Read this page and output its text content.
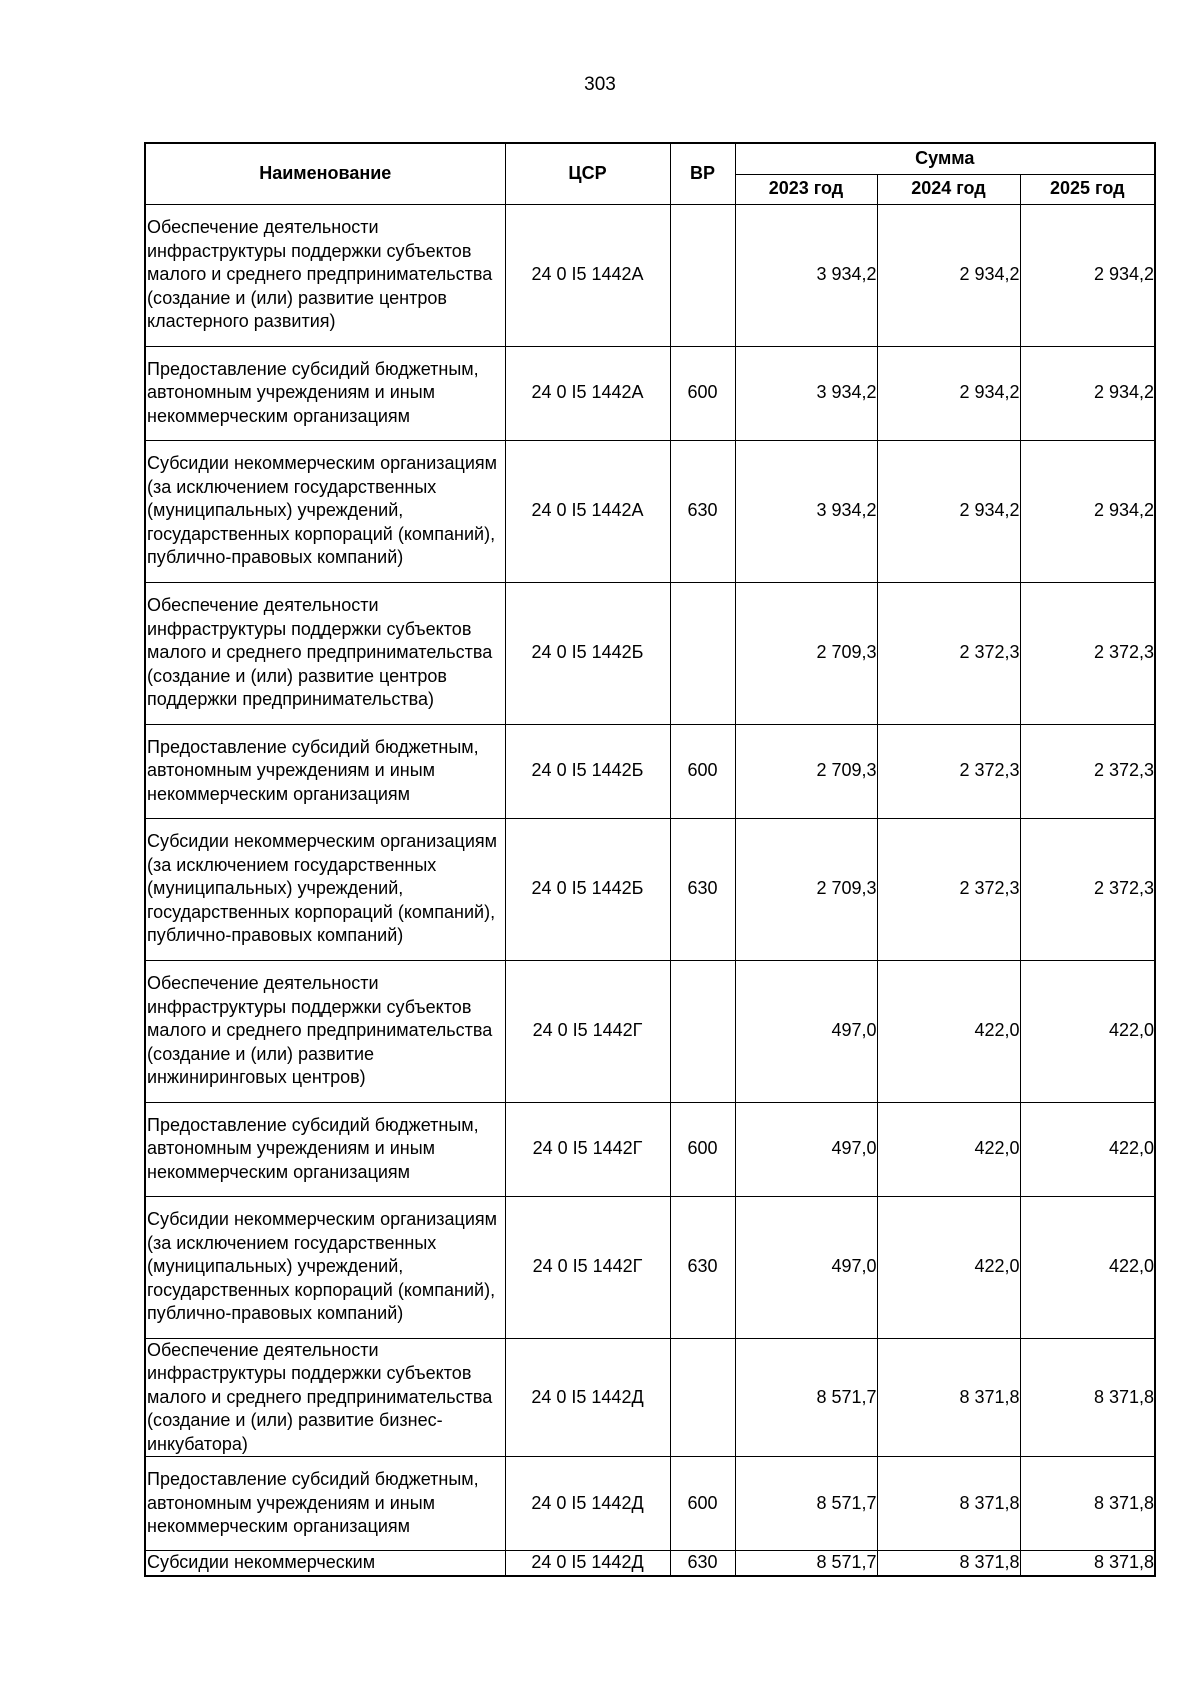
303
Наименование	ЦСР	ВР	Сумма		
			2023 год	2024 год	2025 год
Обеспечение деятельности инфраструктуры поддержки субъектов малого и среднего предпринимательства (создание и (или) развитие центров кластерного развития)	24 0 I5 1442А		3 934,2	2 934,2	2 934,2
Предоставление субсидий бюджетным, автономным учреждениям и иным некоммерческим организациям	24 0 I5 1442А	600	3 934,2	2 934,2	2 934,2
Субсидии некоммерческим организациям (за исключением государственных (муниципальных) учреждений, государственных корпораций (компаний), публично-правовых компаний)	24 0 I5 1442А	630	3 934,2	2 934,2	2 934,2
Обеспечение деятельности инфраструктуры поддержки субъектов малого и среднего предпринимательства (создание и (или) развитие центров поддержки предпринимательства)	24 0 I5 1442Б		2 709,3	2 372,3	2 372,3
Предоставление субсидий бюджетным, автономным учреждениям и иным некоммерческим организациям	24 0 I5 1442Б	600	2 709,3	2 372,3	2 372,3
Субсидии некоммерческим организациям (за исключением государственных (муниципальных) учреждений, государственных корпораций (компаний), публично-правовых компаний)	24 0 I5 1442Б	630	2 709,3	2 372,3	2 372,3
Обеспечение деятельности инфраструктуры поддержки субъектов малого и среднего предпринимательства (создание и (или) развитие инжиниринговых центров)	24 0 I5 1442Г		497,0	422,0	422,0
Предоставление субсидий бюджетным, автономным учреждениям и иным некоммерческим организациям	24 0 I5 1442Г	600	497,0	422,0	422,0
Субсидии некоммерческим организациям (за исключением государственных (муниципальных) учреждений, государственных корпораций (компаний), публично-правовых компаний)	24 0 I5 1442Г	630	497,0	422,0	422,0
Обеспечение деятельности инфраструктуры поддержки субъектов малого и среднего предпринимательства (создание и (или) развитие бизнес-инкубатора)	24 0 I5 1442Д		8 571,7	8 371,8	8 371,8
Предоставление субсидий бюджетным, автономным учреждениям и иным некоммерческим организациям	24 0 I5 1442Д	600	8 571,7	8 371,8	8 371,8
Субсидии некоммерческим	24 0 I5 1442Д	630	8 571,7	8 371,8	8 371,8
